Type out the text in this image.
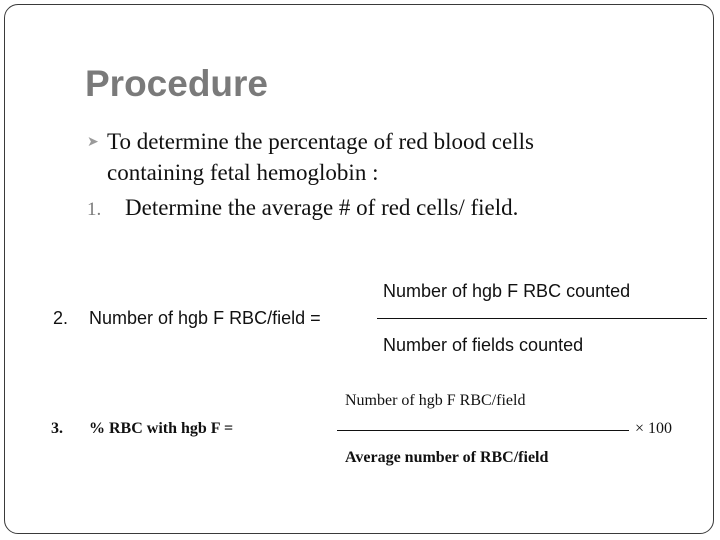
Procedure
➤ To determine the percentage of red blood cells
containing fetal hemoglobin :
1. Determine the average # of red cells/ field.
2. Number of hgb F RBC/field =
Number of hgb F RBC counted
Number of fields counted
3. % RBC with hgb F =
Number of hgb F RBC/field
× 100
Average number of RBC/field
